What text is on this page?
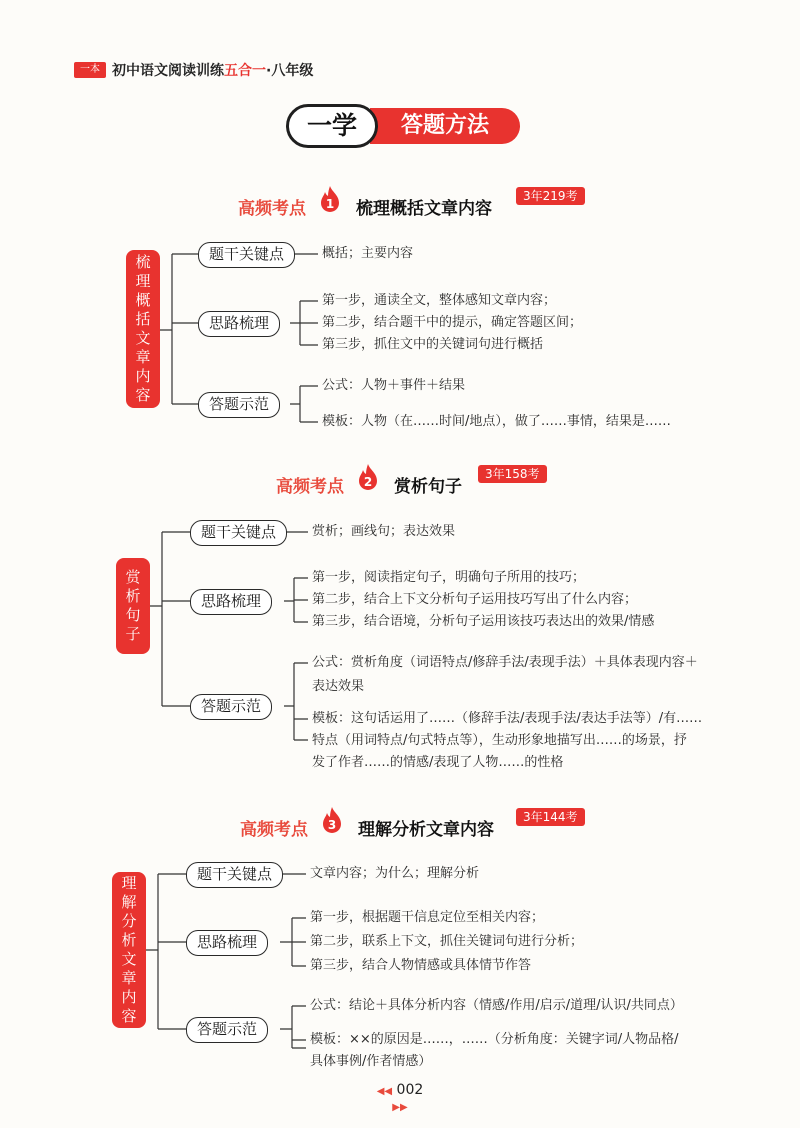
一本 初中语文阅读训练五合一·八年级
答题方法
一学
高频考点 1 梳理概括文章内容
3年219考
梳理概括文章内容
题干关键点
思路梳理
答题示范
概括；主要内容
第一步，通读全文，整体感知文章内容；
第二步，结合题干中的提示，确定答题区间；
第三步，抓住文中的关键词句进行概括
公式：人物＋事件＋结果
模板：人物（在……时间/地点），做了……事情，结果是……
高频考点 2 赏析句子
3年158考
赏析句子
题干关键点
思路梳理
答题示范
赏析；画线句；表达效果
第一步，阅读指定句子，明确句子所用的技巧；
第二步，结合上下文分析句子运用技巧写出了什么内容；
第三步，结合语境，分析句子运用该技巧表达出的效果/情感
公式：赏析角度（词语特点/修辞手法/表现手法）＋具体表现内容＋
表达效果
模板：这句话运用了……（修辞手法/表现手法/表达手法等）/有……
特点（用词特点/句式特点等），生动形象地描写出……的场景，抒
发了作者……的情感/表现了人物……的性格
高频考点 3 理解分析文章内容
3年144考
理解分析文章内容
题干关键点
思路梳理
答题示范
文章内容；为什么；理解分析
第一步，根据题干信息定位至相关内容；
第二步，联系上下文，抓住关键词句进行分析；
第三步，结合人物情感或具体情节作答
公式：结论＋具体分析内容（情感/作用/启示/道理/认识/共同点）
模板：××的原因是……，……（分析角度：关键字词/人物品格/
具体事例/作者情感）
◀◀ 002 ▶▶
